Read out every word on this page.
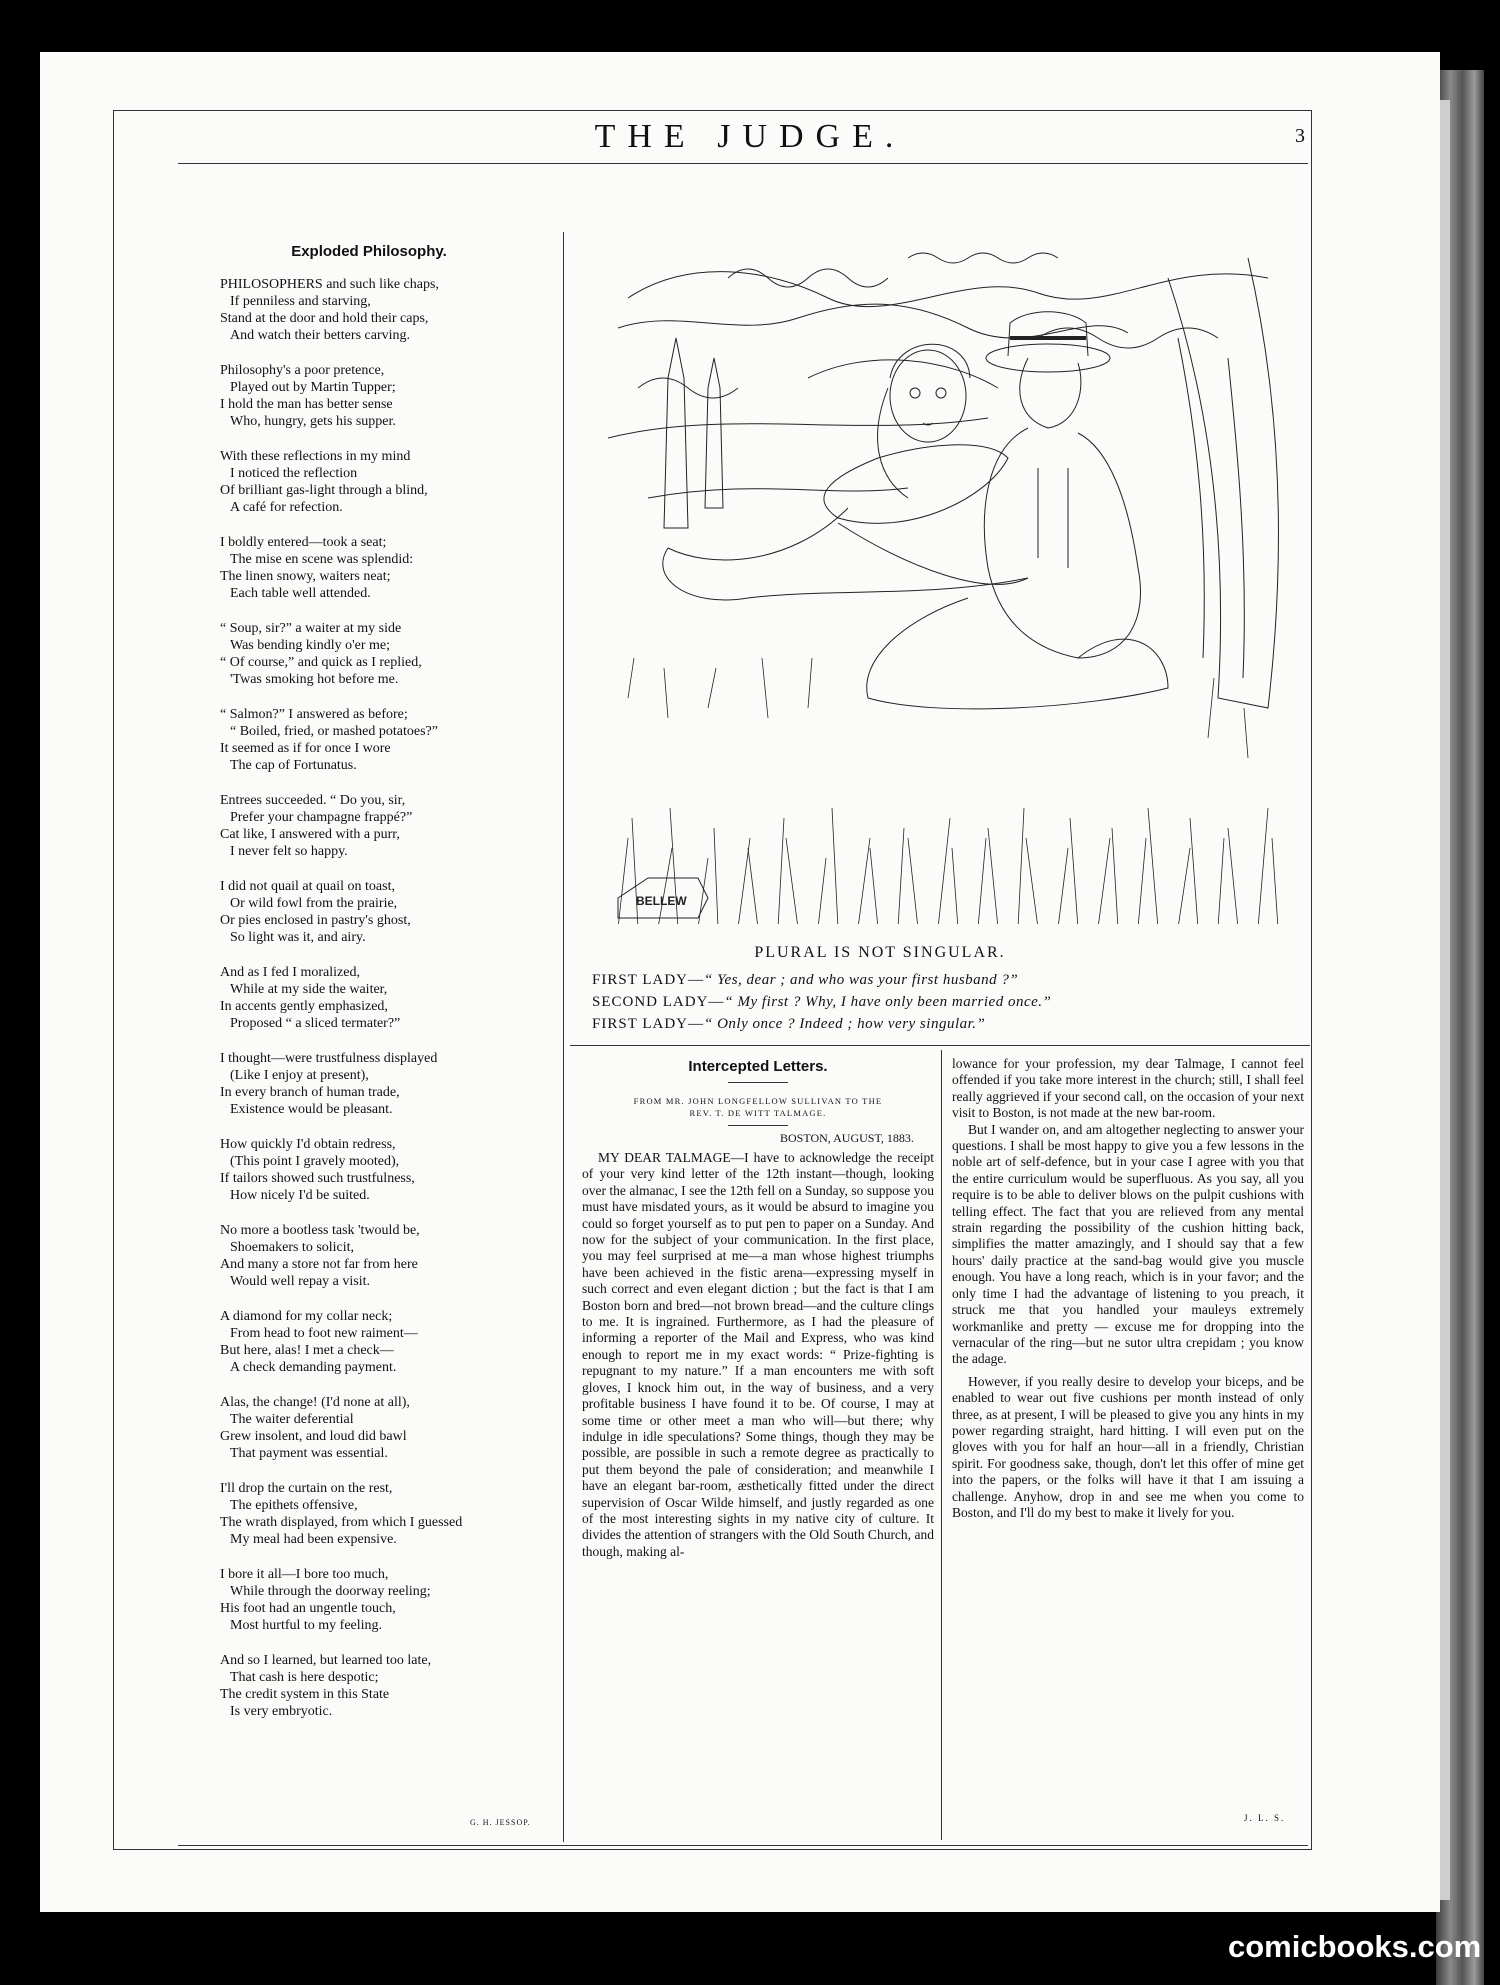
THE JUDGE.	3
Exploded Philosophy.
PHILOSOPHERS and such like chaps,
If penniless and starving,
Stand at the door and hold their caps,
And watch their betters carving.
Philosophy's a poor pretence,
Played out by Martin Tupper;
I hold the man has better sense
Who, hungry, gets his supper.
With these reflections in my mind
I noticed the reflection
Of brilliant gas-light through a blind,
A café for refection.
I boldly entered—took a seat;
The mise en scene was splendid:
The linen snowy, waiters neat;
Each table well attended.
“ Soup, sir?” a waiter at my side
Was bending kindly o'er me;
“ Of course,” and quick as I replied,
'Twas smoking hot before me.
“ Salmon?” I answered as before;
“ Boiled, fried, or mashed potatoes?”
It seemed as if for once I wore
The cap of Fortunatus.
Entrees succeeded. “ Do you, sir,
Prefer your champagne frappé?”
Cat like, I answered with a purr,
I never felt so happy.
I did not quail at quail on toast,
Or wild fowl from the prairie,
Or pies enclosed in pastry's ghost,
So light was it, and airy.
And as I fed I moralized,
While at my side the waiter,
In accents gently emphasized,
Proposed “ a sliced termater?”
I thought—were trustfulness displayed
(Like I enjoy at present),
In every branch of human trade,
Existence would be pleasant.
How quickly I'd obtain redress,
(This point I gravely mooted),
If tailors showed such trustfulness,
How nicely I'd be suited.
No more a bootless task 'twould be,
Shoemakers to solicit,
And many a store not far from here
Would well repay a visit.
A diamond for my collar neck;
From head to foot new raiment—
But here, alas! I met a check—
A check demanding payment.
Alas, the change! (I'd none at all),
The waiter deferential
Grew insolent, and loud did bawl
That payment was essential.
I'll drop the curtain on the rest,
The epithets offensive,
The wrath displayed, from which I guessed
My meal had been expensive.
I bore it all—I bore too much,
While through the doorway reeling;
His foot had an ungentle touch,
Most hurtful to my feeling.
And so I learned, but learned too late,
That cash is here despotic;
The credit system in this State
Is very embryotic.
G. H. JESSOP.
BELLEW
PLURAL IS NOT SINGULAR.
FIRST LADY—“ Yes, dear ; and who was your first husband ?”
SECOND LADY—“ My first ? Why, I have only been married once.”
FIRST LADY—“ Only once ? Indeed ; how very singular.”
Intercepted Letters.
FROM MR. JOHN LONGFELLOW SULLIVAN TO THE
REV. T. DE WITT TALMAGE.
BOSTON, AUGUST, 1883.

MY DEAR TALMAGE—I have to acknowledge the receipt of your very kind letter of the 12th instant—though, looking over the almanac, I see the 12th fell on a Sunday, so suppose you must have misdated yours, as it would be absurd to imagine you could so forget yourself as to put pen to paper on a Sunday. And now for the subject of your communication. In the first place, you may feel surprised at me—a man whose highest triumphs have been achieved in the fistic arena—expressing myself in such correct and even elegant diction ; but the fact is that I am Boston born and bred—not brown bread—and the culture clings to me. It is ingrained. Furthermore, as I had the pleasure of informing a reporter of the Mail and Express, who was kind enough to report me in my exact words: “ Prize-fighting is repugnant to my nature.” If a man encounters me with soft gloves, I knock him out, in the way of business, and a very profitable business I have found it to be. Of course, I may at some time or other meet a man who will—but there; why indulge in idle speculations? Some things, though they may be possible, are possible in such a remote degree as practically to put them beyond the pale of consideration; and meanwhile I have an elegant bar-room, æsthetically fitted under the direct supervision of Oscar Wilde himself, and justly regarded as one of the most interesting sights in my native city of culture. It divides the attention of strangers with the Old South Church, and though, making al-

lowance for your profession, my dear Talmage, I cannot feel offended if you take more interest in the church; still, I shall feel really aggrieved if your second call, on the occasion of your next visit to Boston, is not made at the new bar-room.

But I wander on, and am altogether neglecting to answer your questions. I shall be most happy to give you a few lessons in the noble art of self-defence, but in your case I agree with you that the entire curriculum would be superfluous. As you say, all you require is to be able to deliver blows on the pulpit cushions with telling effect. The fact that you are relieved from any mental strain regarding the possibility of the cushion hitting back, simplifies the matter amazingly, and I should say that a few hours' daily practice at the sand-bag would give you muscle enough. You have a long reach, which is in your favor; and the only time I had the advantage of listening to you preach, it struck me that you handled your mauleys extremely workmanlike and pretty — excuse me for dropping into the vernacular of the ring—but ne sutor ultra crepidam ; you know the adage.

However, if you really desire to develop your biceps, and be enabled to wear out five cushions per month instead of only three, as at present, I will be pleased to give you any hints in my power regarding straight, hard hitting. I will even put on the gloves with you for half an hour—all in a friendly, Christian spirit. For goodness sake, though, don't let this offer of mine get into the papers, or the folks will have it that I am issuing a challenge. Anyhow, drop in and see me when you come to Boston, and I'll do my best to make it lively for you.

J. L. S.
comicbooks.com
